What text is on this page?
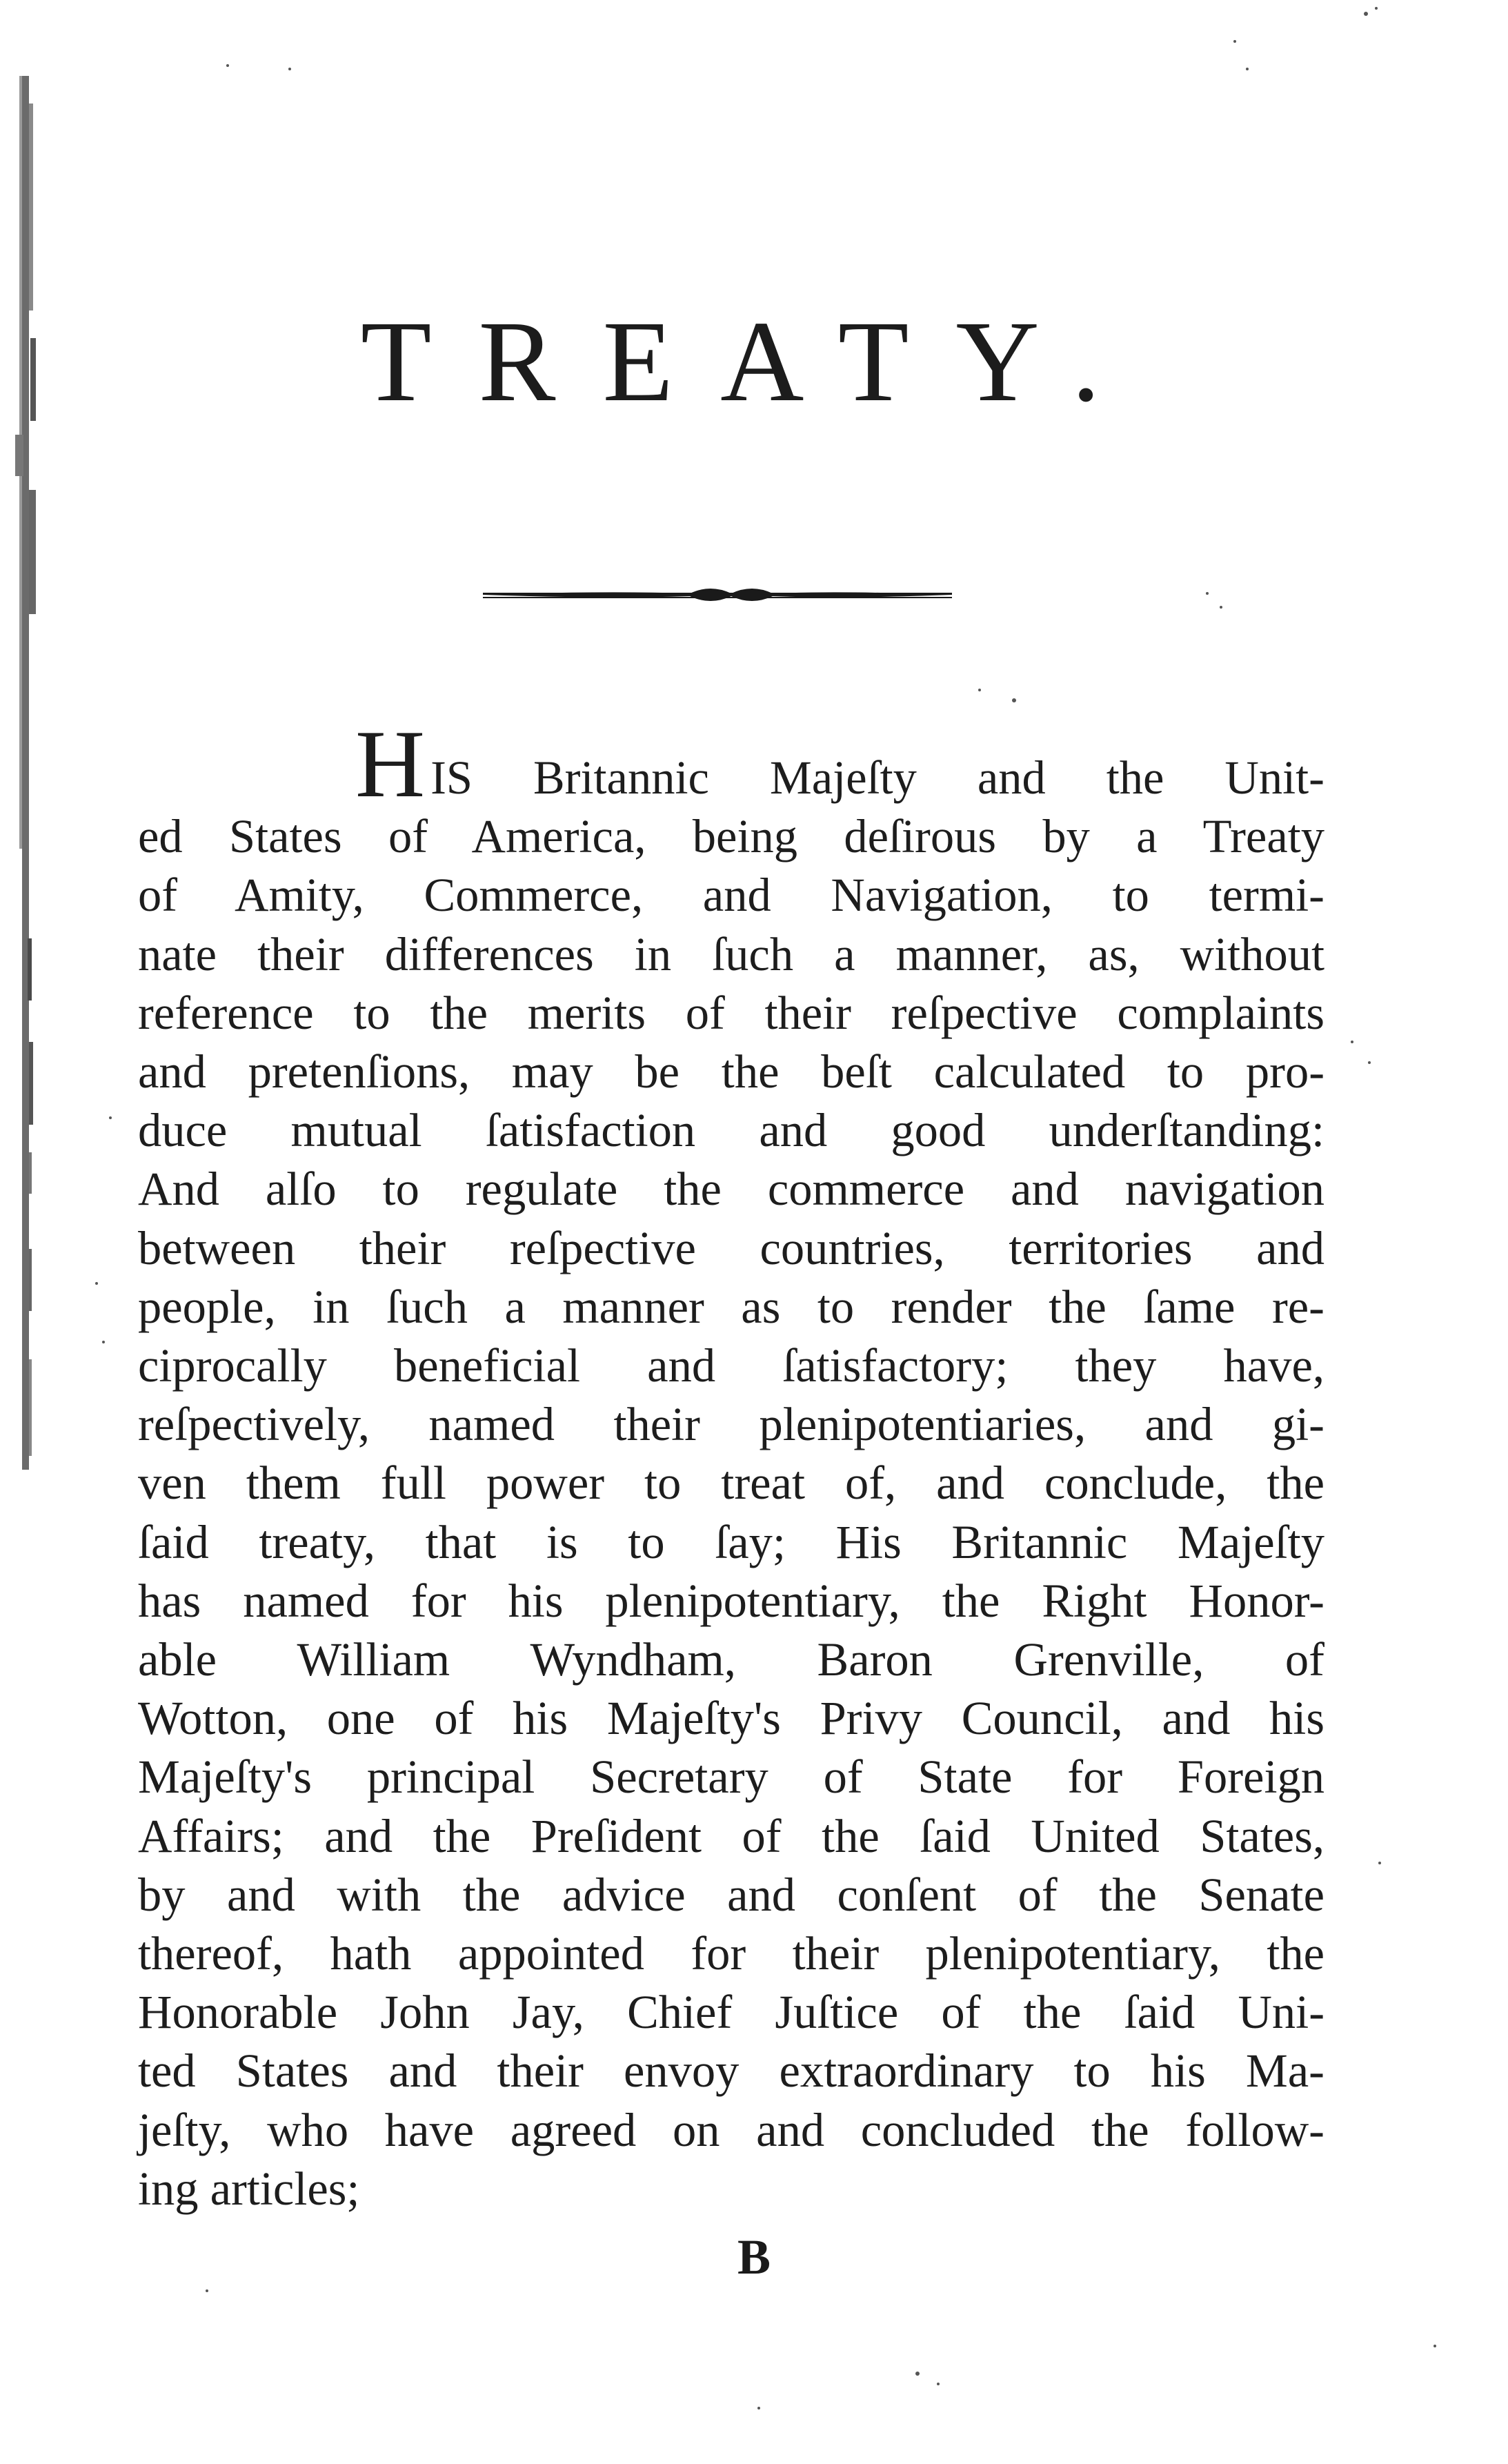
TREATY.
HIS Britannic Majeſty and the Unit-
ed States of America, being deſirous by a Treaty
of Amity, Commerce, and Navigation, to termi-
nate their differences in ſuch a manner, as, without
reference to the merits of their reſpective complaints
and pretenſions, may be the beſt calculated to pro-
duce mutual ſatisfaction and good underſtanding:
And alſo to regulate the commerce and navigation
between their reſpective countries, territories and
people, in ſuch a manner as to render the ſame re-
ciprocally beneficial and ſatisfactory; they have,
reſpectively, named their plenipotentiaries, and gi-
ven them full power to treat of, and conclude, the
ſaid treaty, that is to ſay; His Britannic Majeſty
has named for his plenipotentiary, the Right Honor-
able William Wyndham, Baron Grenville, of
Wotton, one of his Majeſty's Privy Council, and his
Majeſty's principal Secretary of State for Foreign
Affairs; and the Preſident of the ſaid United States,
by and with the advice and conſent of the Senate
thereof, hath appointed for their plenipotentiary, the
Honorable John Jay, Chief Juſtice of the ſaid Uni-
ted States and their envoy extraordinary to his Ma-
jeſty, who have agreed on and concluded the follow-
ing articles;
B
